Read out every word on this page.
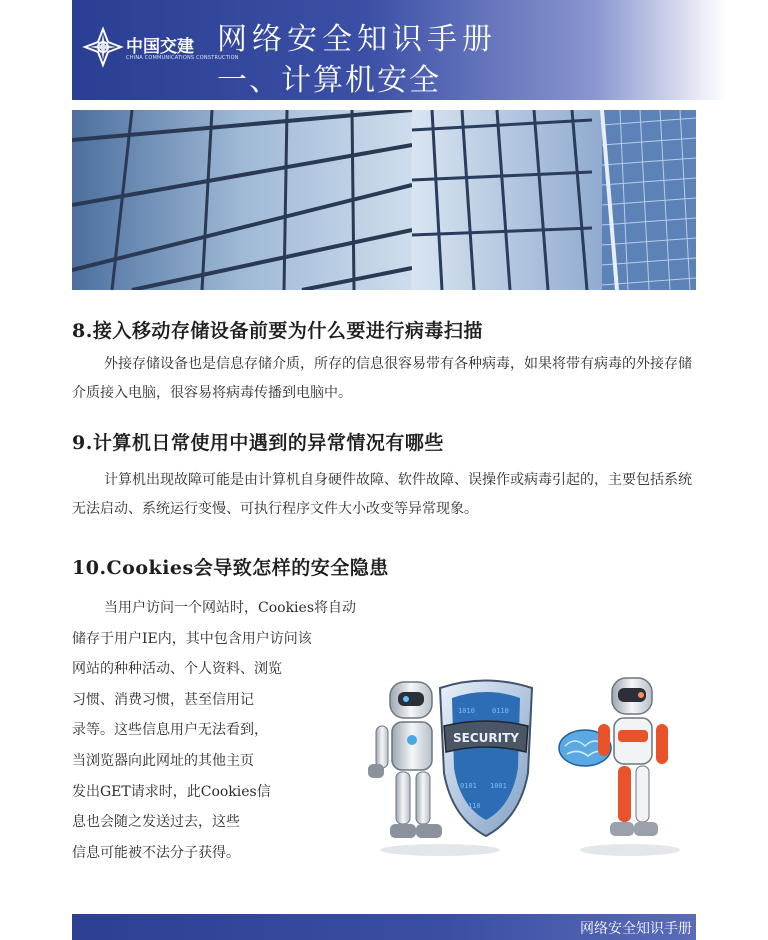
中国交建
CHINA COMMUNICATIONS CONSTRUCTION
网络安全知识手册
一、计算机安全
8.接入移动存储设备前要为什么要进行病毒扫描
外接存储设备也是信息存储介质，所存的信息很容易带有各种病毒，如果将带有病毒的外接存储介质接入电脑，很容易将病毒传播到电脑中。
9.计算机日常使用中遇到的异常情况有哪些
计算机出现故障可能是由计算机自身硬件故障、软件故障、误操作或病毒引起的，主要包括系统无法启动、系统运行变慢、可执行程序文件大小改变等异常现象。
10.Cookies会导致怎样的安全隐患
当用户访问一个网站时，Cookies将自动
储存于用户IE内，其中包含用户访问该
网站的种种活动、个人资料、浏览
习惯、消费习惯，甚至信用记
录等。这些信息用户无法看到，
当浏览器向此网址的其他主页
发出GET请求时，此Cookies信
息也会随之发送过去，这些
信息可能被不法分子获得。
1010 0110
0101 1001
110
SECURITY
网络安全知识手册
